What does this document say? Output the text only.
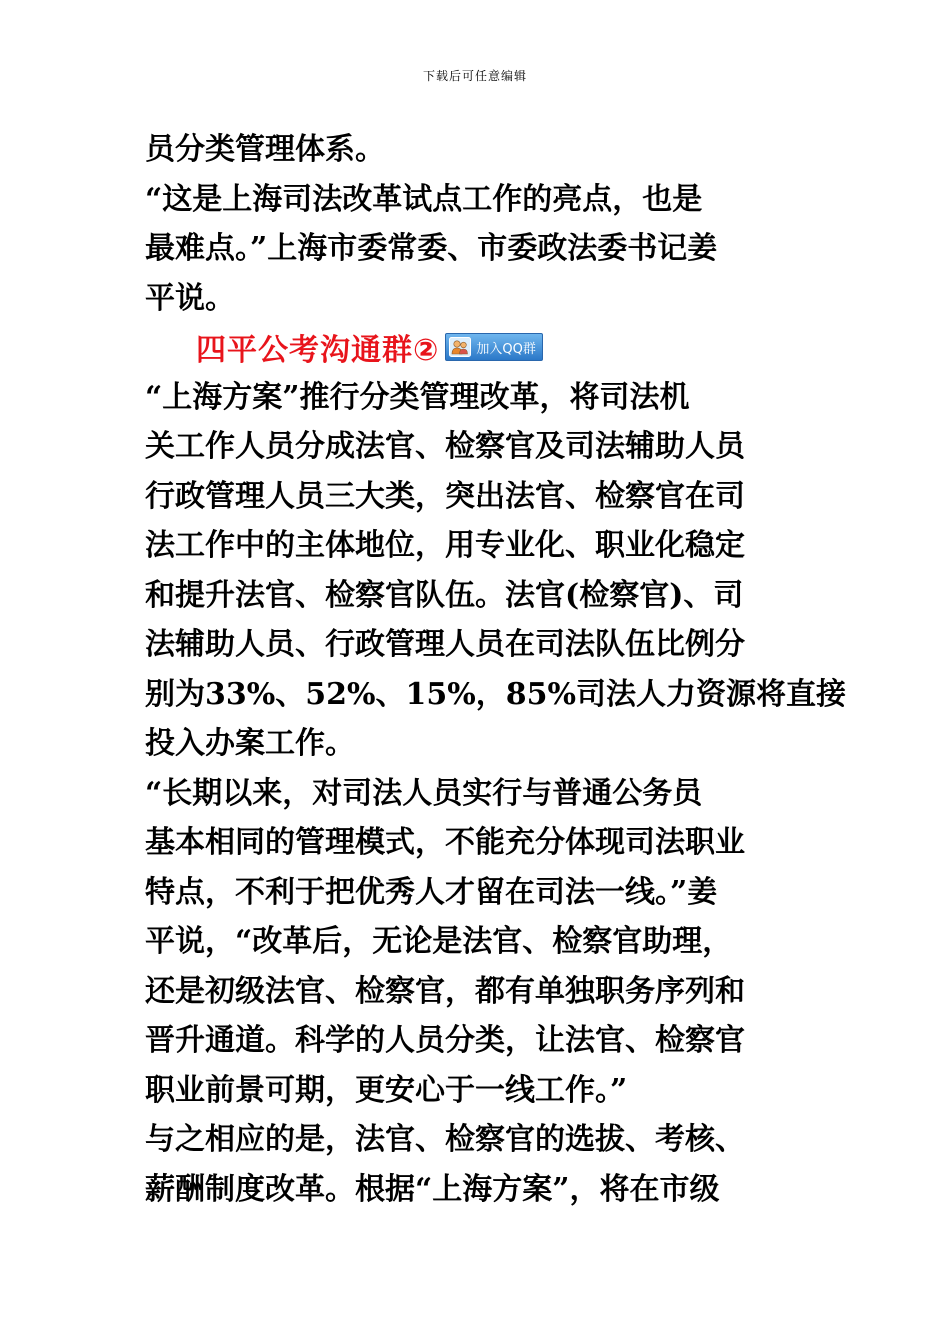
下载后可任意编辑
员分类管理体系。
“这是上海司法改革试点工作的亮点，也是
最难点。”上海市委常委、市委政法委书记姜
平说。
“上海方案”推行分类管理改革，将司法机
关工作人员分成法官、检察官及司法辅助人员
行政管理人员三大类，突出法官、检察官在司
法工作中的主体地位，用专业化、职业化稳定
和提升法官、检察官队伍。法官(检察官)、司
法辅助人员、行政管理人员在司法队伍比例分
别为33%、52%、15%，85%司法人力资源将直接
投入办案工作。
“长期以来，对司法人员实行与普通公务员
基本相同的管理模式，不能充分体现司法职业
特点，不利于把优秀人才留在司法一线。”姜
平说，“改革后，无论是法官、检察官助理，
还是初级法官、检察官，都有单独职务序列和
晋升通道。科学的人员分类，让法官、检察官
职业前景可期，更安心于一线工作。”
与之相应的是，法官、检察官的选拔、考核、
薪酬制度改革。根据“上海方案”，将在市级
四平公考沟通群②	加入QQ群
